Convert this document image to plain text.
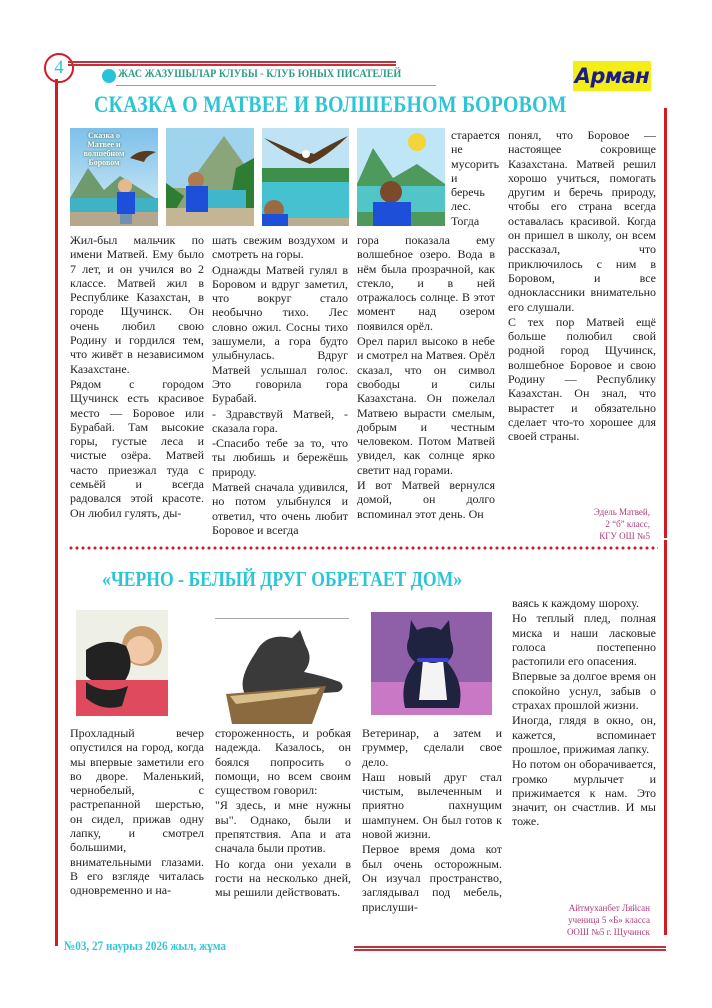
4	ЖАС ЖАЗУШЫЛАР КЛУБЫ - КЛУБ ЮНЫХ ПИСАТЕЛЕЙ	Арман
СКАЗКА О МАТВЕЕ И ВОЛШЕБНОМ БОРОВОМ
Сказка о Матвее и волшебном Боровом
старается не мусорить и беречь лес. Тогда

Жил-был мальчик по имени Матвей. Ему было 7 лет, и он учился во 2 классе. Матвей жил в Республике Казахстан, в городе Щучинск. Он очень любил свою Родину и гордился тем, что живёт в независимом Казахстане.

Рядом с городом Щучинск есть красивое место — Боровое или Бурабай. Там высокие горы, густые леса и чистые озёра. Матвей часто приезжал туда с семьёй и всегда радовался этой красоте. Он любил гулять, ды-

шать свежим воздухом и смотреть на горы.

Однажды Матвей гулял в Боровом и вдруг заметил, что вокруг стало необычно тихо. Лес словно ожил. Сосны тихо зашумели, а гора будто улыбнулась. Вдруг Матвей услышал голос. Это говорила гора Бурабай.

- Здравствуй Матвей, - сказала гора.

-Спасибо тебе за то, что ты любишь и бережёшь природу.

Матвей сначала удивился, но потом улыбнулся и ответил, что очень любит Боровое и всегда

гора показала ему волшебное озеро. Вода в нём была прозрачной, как стекло, и в ней отражалось солнце. В этот момент над озером появился орёл.

Орел парил высоко в небе и смотрел на Матвея. Орёл сказал, что он символ свободы и силы Казахстана. Он пожелал Матвею вырасти смелым, добрым и честным человеком. Потом Матвей увидел, как солнце ярко светит над горами.

И вот Матвей вернулся домой, он долго вспоминал этот день. Он

понял, что Боровое — настоящее сокровище Казахстана. Матвей решил хорошо учиться, помогать другим и беречь природу, чтобы его страна всегда оставалась красивой. Когда он пришел в школу, он всем рассказал, что приключилось с ним в Боровом, и все одноклассники внимательно его слушали.

С тех пор Матвей ещё больше полюбил свой родной город Щучинск, волшебное Боровое и свою Родину — Республику Казахстан. Он знал, что вырастет и обязательно сделает что-то хорошее для своей страны.

Эдель Матвей,
2 “б” класс,
КГУ ОШ №5
«ЧЕРНО - БЕЛЫЙ ДРУГ ОБРЕТАЕТ ДОМ»

Прохладный вечер опустился на город, когда мы впервые заметили его во дворе. Маленький, чернобелый, с растрепанной шерстью, он сидел, прижав одну лапку, и смотрел большими, внимательными глазами. В его взгляде читалась одновременно и на-

стороженность, и робкая надежда. Казалось, он боялся попросить о помощи, но всем своим существом говорил:

"Я здесь, и мне нужны вы". Однако, были и препятствия. Апа и ата сначала были против.

Но когда они уехали в гости на несколько дней, мы решили действовать.

Ветеринар, а затем и груммер, сделали свое дело.

Наш новый друг стал чистым, вылеченным и приятно пахнущим шампунем. Он был готов к новой жизни.

Первое время дома кот был очень осторожным. Он изучал пространство, заглядывал под мебель, прислуши-

ваясь к каждому шороху.

Но теплый плед, полная миска и наши ласковые голоса постепенно растопили его опасения.

Впервые за долгое время он спокойно уснул, забыв о страхах прошлой жизни.

Иногда, глядя в окно, он, кажется, вспоминает прошлое, прижимая лапку.

Но потом он оборачивается, громко мурлычет и прижимается к нам. Это значит, он счастлив. И мы тоже.

Айтмуханбет Ляйсан
ученица 5 «Б» класса
ООШ №5 г. Щучинск
№03, 27 наурыз 2026 жыл, жұма
